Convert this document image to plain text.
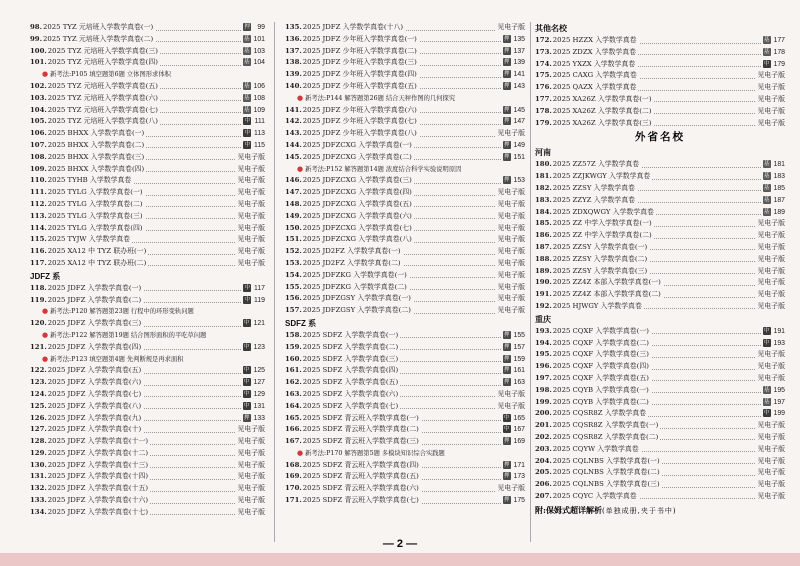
98.2025 TYZ 元培班入学数学真卷(一)	押 99
99.2025 TYZ 元培班入学数学真卷(二)	基 101
100.2025 TYZ 元培班入学数学真卷(三)	基 103
101.2025 TYZ 元培班入学数学真卷(四)	基 104
● 新考法:P105 填空题第6题 立体图形求体积
102.2025 TYZ 元培班入学数学真卷(五)	基 106
103.2025 TYZ 元培班入学数学真卷(六)	基 108
104.2025 TYZ 元培班入学数学真卷(七)	基 109
105.2025 TYZ 元培班入学数学真卷(八)	中 111
106.2025 BHXX 入学数学真卷(一)	中 113
107.2025 BHXX 入学数学真卷(二)	中 115
108.2025 BHXX 入学数学真卷(三)	见电子版
109.2025 BHXX 入学数学真卷(四)	见电子版
110.2025 TYHB 入学数学真卷	见电子版
111.2025 TYLG 入学数学真卷(一)	见电子版
112.2025 TYLG 入学数学真卷(二)	见电子版
113.2025 TYLG 入学数学真卷(三)	见电子版
114.2025 TYLG 入学数学真卷(四)	见电子版
115.2025 TYJW 入学数学真卷	见电子版
116.2025 XA12 中 TYZ 联办班(一)	见电子版
117.2025 XA12 中 TYZ 联办班(二)	见电子版
JDFZ 系
118.2025 JDFZ 入学数学真卷(一)	中 117
119.2025 JDFZ 入学数学真卷(二)	中 119
● 新考法:P120 解答题第23题 行程中的环形变轨问题
120.2025 JDFZ 入学数学真卷(三)	中 121
● 新考法:P122 解答题第19题 结合图形面积的平吃草问题
121.2025 JDFZ 入学数学真卷(四)	中 123
● 新考法:P123 填空题第4题 先判断规是再求面积
122.2025 JDFZ 入学数学真卷(五)	中 125
123.2025 JDFZ 入学数学真卷(六)	中 127
124.2025 JDFZ 入学数学真卷(七)	中 129
125.2025 JDFZ 入学数学真卷(八)	中 131
126.2025 JDFZ 入学数学真卷(九)	押 133
127.2025 JDFZ 入学数学真卷(十)	见电子版
128.2025 JDFZ 入学数学真卷(十一)	见电子版
129.2025 JDFZ 入学数学真卷(十二)	见电子版
130.2025 JDFZ 入学数学真卷(十三)	见电子版
131.2025 JDFZ 入学数学真卷(十四)	见电子版
132.2025 JDFZ 入学数学真卷(十五)	见电子版
133.2025 JDFZ 入学数学真卷(十六)	见电子版
134.2025 JDFZ 入学数学真卷(十七)	见电子版
135.2025 JDFZ 入学数学真卷(十八)	见电子版
136.2025 JDFZ 少年班入学数学真卷(一)	押 135
137.2025 JDFZ 少年班入学数学真卷(二)	押 137
138.2025 JDFZ 少年班入学数学真卷(三)	押 139
139.2025 JDFZ 少年班入学数学真卷(四)	押 141
140.2025 JDFZ 少年班入学数学真卷(五)	押 143
● 新考法:P144 解答题第26题 结合天秤作图的几何探究
141.2025 JDFZ 少年班入学数学真卷(六)	押 145
142.2025 JDFZ 少年班入学数学真卷(七)	押 147
143.2025 JDFZ 少年班入学数学真卷(八)	见电子版
144.2025 JDFZCXG 入学数学真卷(一)	押 149
145.2025 JDFZCXG 入学数学真卷(二)	押 151
● 新考法:P152 解答题第14题 浓度结合科学实验说明原因
146.2025 JDFZCXG 入学数学真卷(三)	押 153
147.2025 JDFZCXG 入学数学真卷(四)	见电子版
148.2025 JDFZCXG 入学数学真卷(五)	见电子版
149.2025 JDFZCXG 入学数学真卷(六)	见电子版
150.2025 JDFZCXG 入学数学真卷(七)	见电子版
151.2025 JDFZCXG 入学数学真卷(八)	见电子版
152.2025 JD2FZ 入学数学真卷(一)	见电子版
153.2025 JD2FZ 入学数学真卷(二)	见电子版
154.2025 JDFZKG 入学数学真卷(一)	见电子版
155.2025 JDFZKG 入学数学真卷(二)	见电子版
156.2025 JDFZGSY 入学数学真卷(一)	见电子版
157.2025 JDFZGSY 入学数学真卷(二)	见电子版
SDFZ 系
158.2025 SDFZ 入学数学真卷(一)	押 155
159.2025 SDFZ 入学数学真卷(二)	押 157
160.2025 SDFZ 入学数学真卷(三)	押 159
161.2025 SDFZ 入学数学真卷(四)	押 161
162.2025 SDFZ 入学数学真卷(五)	押 163
163.2025 SDFZ 入学数学真卷(六)	见电子版
164.2025 SDFZ 入学数学真卷(七)	见电子版
165.2025 SDFZ 青云班入学数学真卷(一)	中 165
166.2025 SDFZ 青云班入学数学真卷(二)	中 167
167.2025 SDFZ 青云班入学数学真卷(三)	押 169
● 新考法:P170 解答题第5题 多模块知识综合实践题
168.2025 SDFZ 青云班入学数学真卷(四)	押 171
169.2025 SDFZ 青云班入学数学真卷(五)	押 173
170.2025 SDFZ 青云班入学数学真卷(六)	见电子版
171.2025 SDFZ 青云班入学数学真卷(七)	押 175
其他名校
172.2025 HZZX 入学数学真卷	基 177
173.2025 ZDZX 入学数学真卷	基 178
174.2025 YXZX 入学数学真卷	中 179
175.2025 CAXG 入学数学真卷	见电子版
176.2025 QAZX 入学数学真卷	见电子版
177.2025 XA26Z 入学数学真卷(一)	见电子版
178.2025 XA26Z 入学数学真卷(二)	见电子版
179.2025 XA26Z 入学数学真卷(三)	见电子版
外省名校
河南
180.2025 ZZ57Z 入学数学真卷	基 181
181.2025 ZZJKWGY 入学数学真卷	基 183
182.2025 ZZSY 入学数学真卷	基 185
183.2025 ZZYZ 入学数学真卷	基 187
184.2025 ZDXQWGY 入学数学真卷	基 189
185.2025 ZZ 中学入学数学真卷(一)	见电子版
186.2025 ZZ 中学入学数学真卷(二)	见电子版
187.2025 ZZSY 入学数学真卷(一)	见电子版
188.2025 ZZSY 入学数学真卷(二)	见电子版
189.2025 ZZSY 入学数学真卷(三)	见电子版
190.2025 ZZ4Z 本部入学数学真卷(一)	见电子版
191.2025 ZZ4Z 本部入学数学真卷(二)	见电子版
192.2025 HJWGY 入学数学真卷	见电子版
重庆
193.2025 CQXF 入学数学真卷(一)	中 191
194.2025 CQXF 入学数学真卷(二)	中 193
195.2025 CQXF 入学数学真卷(三)	见电子版
196.2025 CQXF 入学数学真卷(四)	见电子版
197.2025 CQXF 入学数学真卷(五)	见电子版
198.2025 CQYB 入学数学真卷(一)	基 195
199.2025 CQYB 入学数学真卷(二)	基 197
200.2025 CQSR8Z 入学数学真卷	中 199
201.2025 CQSR8Z 入学数学真卷(一)	见电子版
202.2025 CQSR8Z 入学数学真卷(二)	见电子版
203.2025 CQYW 入学数学真卷	见电子版
204.2025 CQLNBS 入学数学真卷(一)	见电子版
205.2025 CQLNBS 入学数学真卷(二)	见电子版
206.2025 CQLNBS 入学数学真卷(三)	见电子版
207.2025 CQYC 入学数学真卷	见电子版
附:保姆式超详解析(单独成册,夹于书中)
— 2 —
